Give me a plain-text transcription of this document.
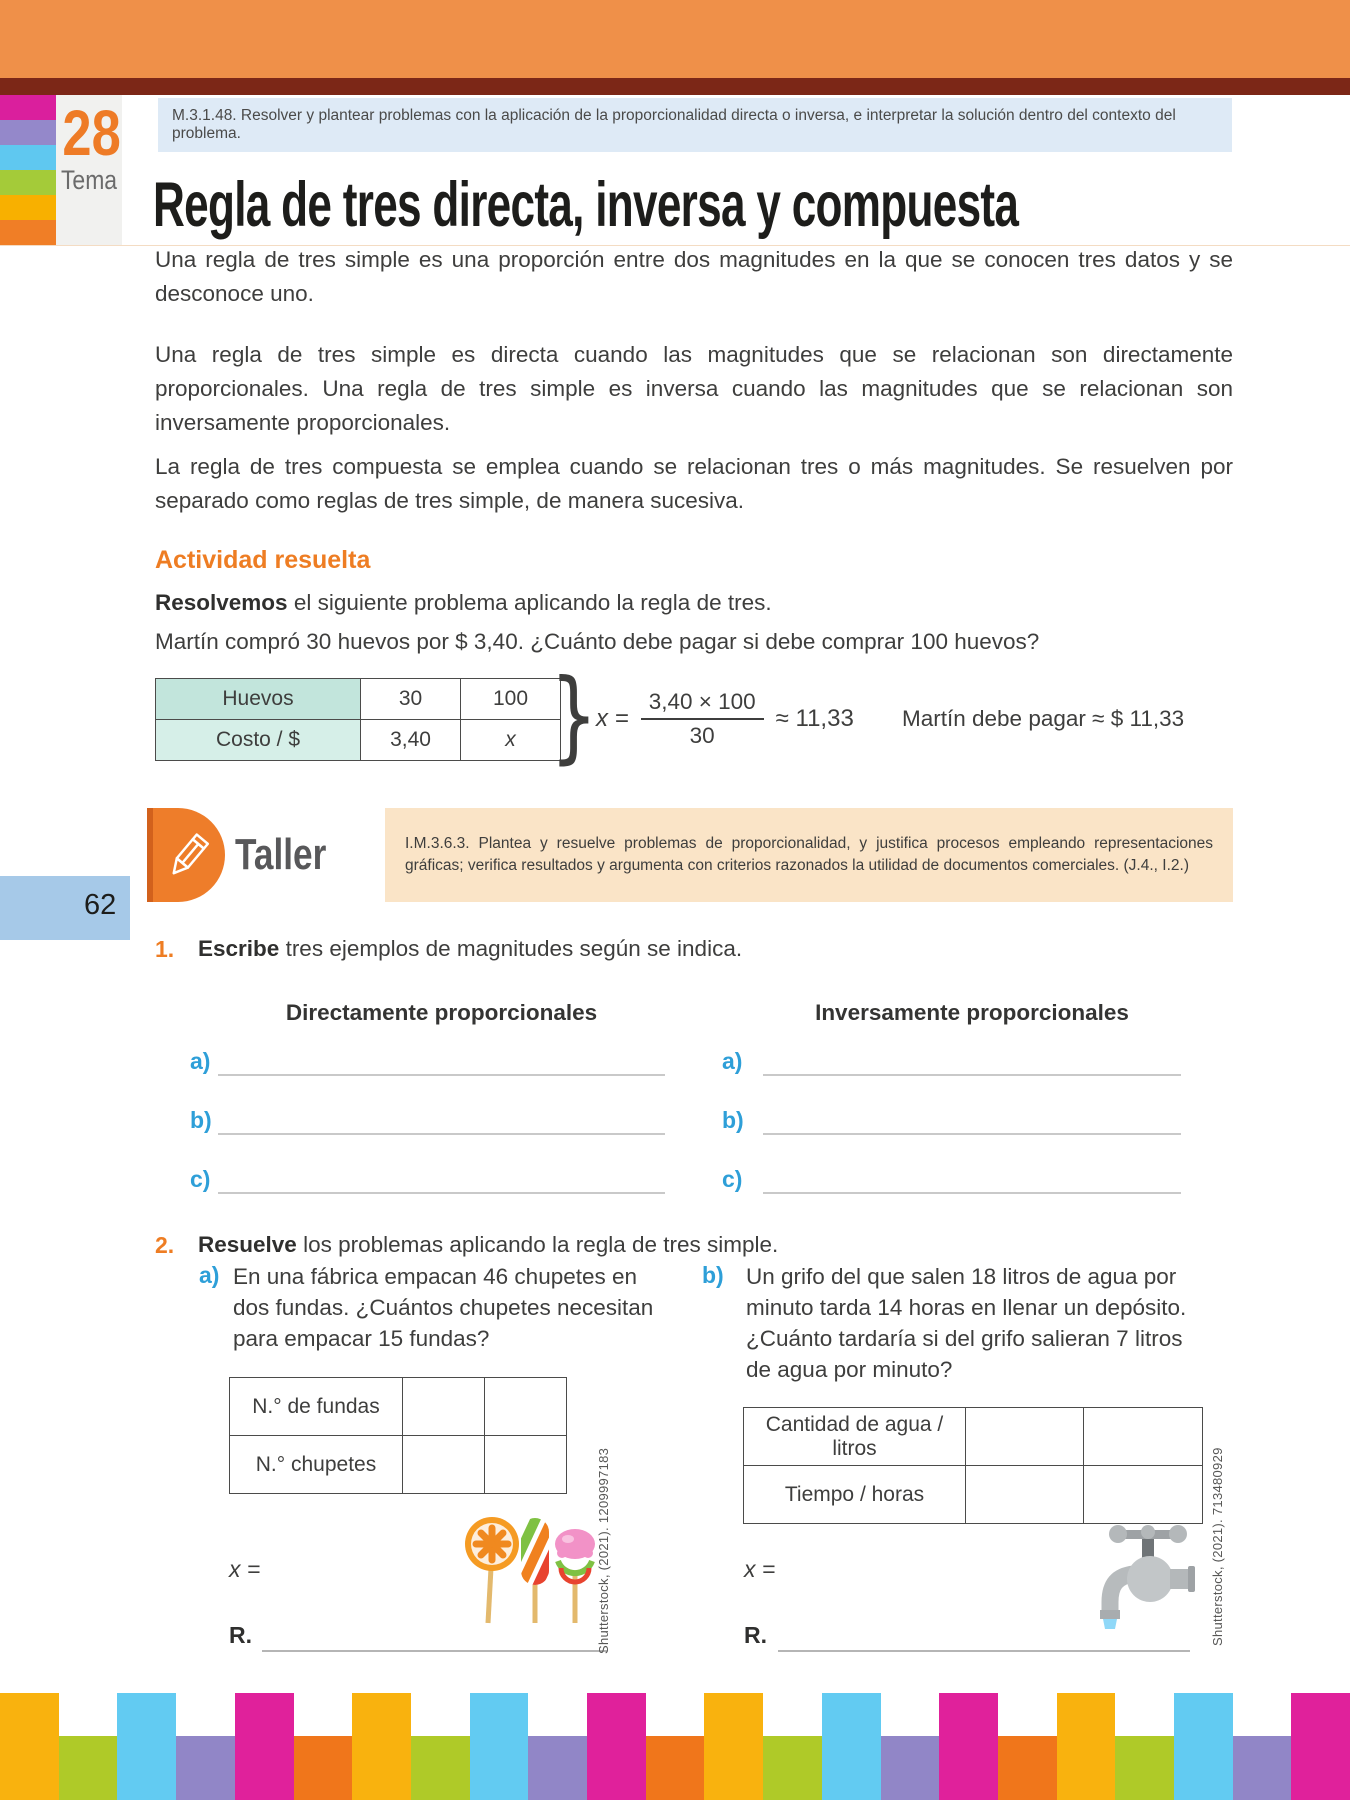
28 Tema
M.3.1.48. Resolver y plantear problemas con la aplicación de la proporcionalidad directa o inversa, e interpretar la solución dentro del contexto del problema.
Regla de tres directa, inversa y compuesta

Una regla de tres simple es una proporción entre dos magnitudes en la que se conocen tres datos y se desconoce uno.

Una regla de tres simple es directa cuando las magnitudes que se relacionan son directamente proporcionales. Una regla de tres simple es inversa cuando las magnitudes que se relacionan son inversamente proporcionales.

La regla de tres compuesta se emplea cuando se relacionan tres o más magnitudes. Se resuelven por separado como reglas de tres simple, de manera sucesiva.

Actividad resuelta
Resolvemos el siguiente problema aplicando la regla de tres.
Martín compró 30 huevos por $ 3,40. ¿Cuánto debe pagar si debe comprar 100 huevos?
Huevos	30	100
Costo / $	3,40	x }
$x = \frac{3,40 \times 100}{30} \approx 11,33$ Martín debe pagar ≈ $ 11,33
Taller	I.M.3.6.3. Plantea y resuelve problemas de proporcionalidad, y justifica procesos empleando representaciones gráficas; verifica resultados y argumenta con criterios razonados la utilidad de documentos comerciales. (J.4., I.2.)

62
1. Escribe tres ejemplos de magnitudes según se indica.
Directamente proporcionales	Inversamente proporcionales
a)
b)
c)
a)
b)
c)
2. Resuelve los problemas aplicando la regla de tres simple.
a) En una fábrica empacan 46 chupetes en dos fundas. ¿Cuántos chupetes necesitan para empacar 15 fundas?
N.° de fundas		
N.° chupetes		
x =
R.	Shutterstock, (2021). 1209997183
b) Un grifo del que salen 18 litros de agua por minuto tarda 14 horas en llenar un depósito. ¿Cuánto tardaría si del grifo salieran 7 litros de agua por minuto?
Cantidad de agua / litros		
Tiempo / horas		
x =
R.	Shutterstock, (2021). 713480929
